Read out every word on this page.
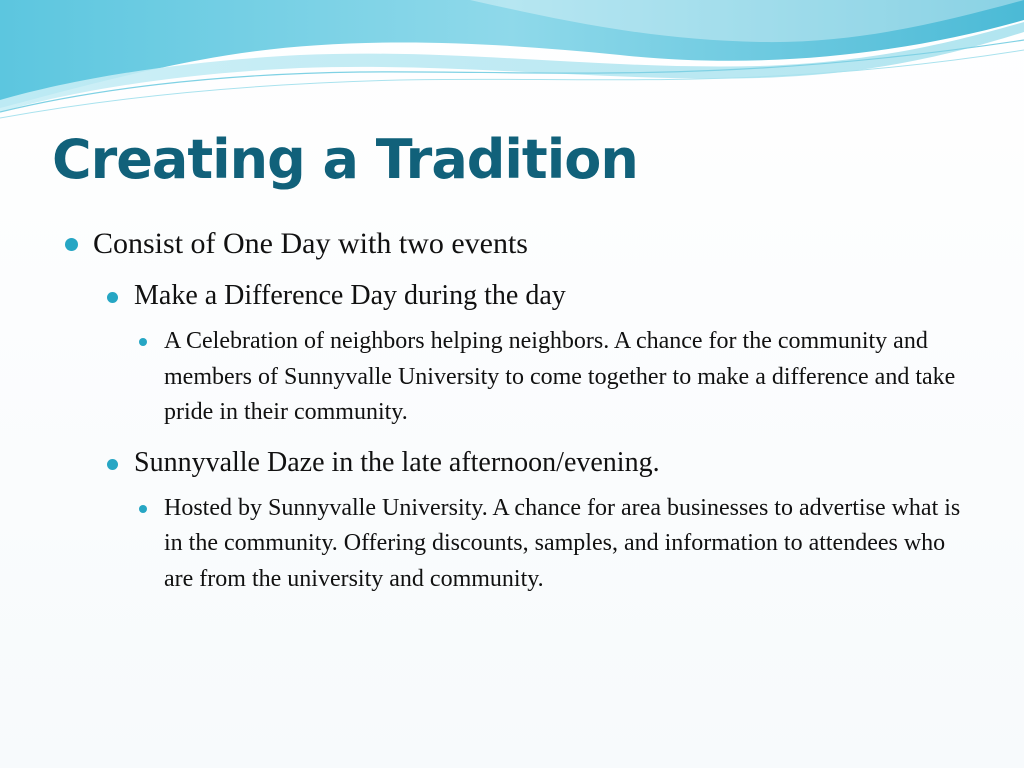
Creating a Tradition
Consist of One Day with two events
Make a Difference Day during the day
A Celebration of neighbors helping neighbors. A chance for the community and members of Sunnyvalle University to come together to make a difference and take pride in their community.
Sunnyvalle Daze in the late afternoon/evening.
Hosted by Sunnyvalle University. A chance for area businesses to advertise what is in the community. Offering discounts, samples, and information to attendees who are from the university and community.
